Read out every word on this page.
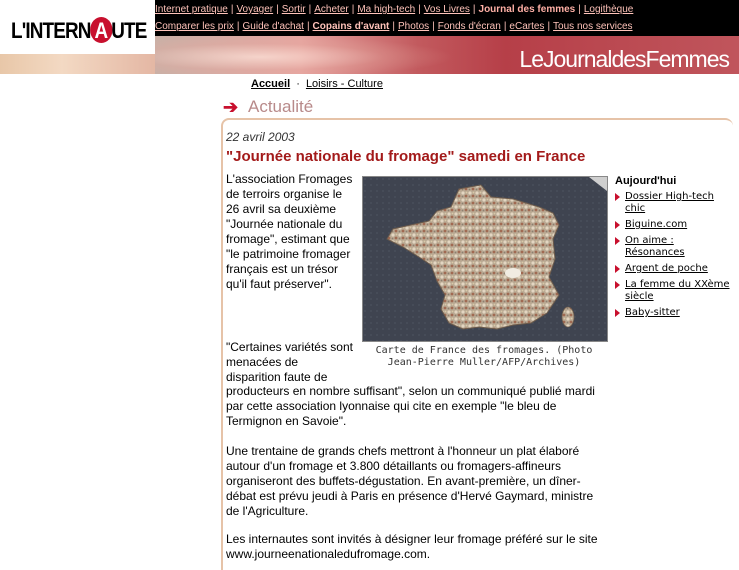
L'INTERN A UTE
Internet pratique | Voyager | Sortir | Acheter | Ma high-tech | Vos Livres | Journal des femmes | Logithèque
Comparer les prix | Guide d'achat | Copains d'avant | Photos | Fonds d'écran | eCartes | Tous nos services
LeJournaldesFemmes
Accueil · Loisirs - Culture
➔ Actualité
22 avril 2003
"Journée nationale du fromage" samedi en France
L'association Fromages de terroirs organise le 26 avril sa deuxième "Journée nationale du fromage", estimant que "le patrimoine fromager français est un trésor qu'il faut préserver".
Carte de France des fromages. (Photo Jean-Pierre Muller/AFP/Archives)
"Certaines variétés sont menacées de disparition faute de
producteurs en nombre suffisant", selon un communiqué publié mardi par cette association lyonnaise qui cite en exemple "le bleu de Termignon en Savoie".
Une trentaine de grands chefs mettront à l'honneur un plat élaboré autour d'un fromage et 3.800 détaillants ou fromagers-affineurs organiseront des buffets-dégustation. En avant-première, un dîner-débat est prévu jeudi à Paris en présence d'Hervé Gaymard, ministre de l'Agriculture.
Les internautes sont invités à désigner leur fromage préféré sur le site www.journeenationaledufromage.com.
Aujourd'hui
Dossier High-tech chic
Biguine.com
On aime : Résonances
Argent de poche
La femme du XXème siècle
Baby-sitter
